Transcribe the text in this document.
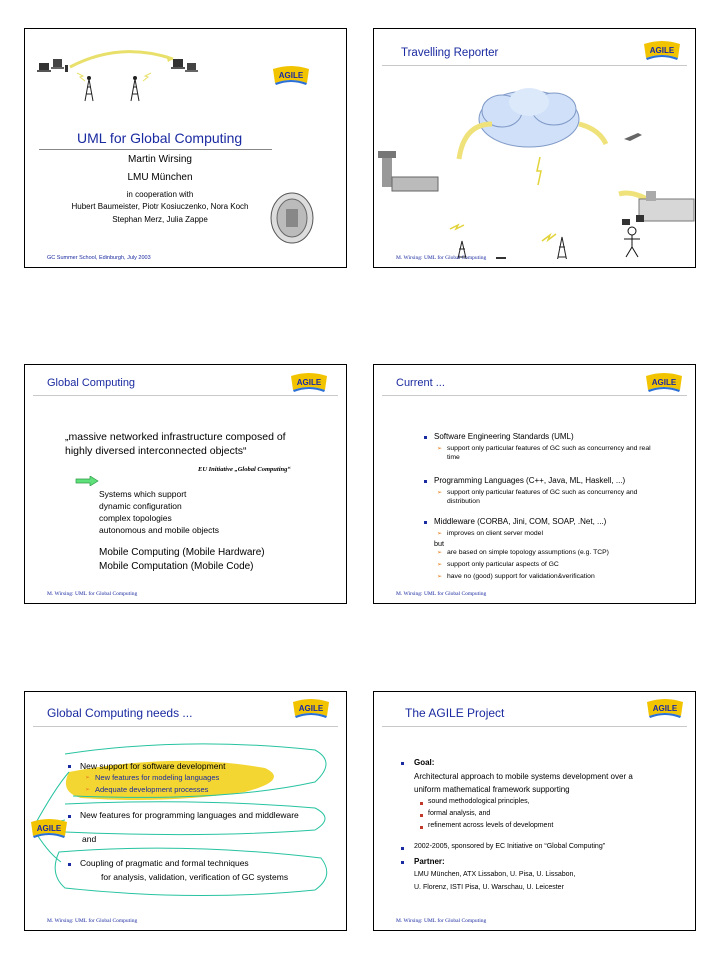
AGILE
UML for Global Computing
Martin Wirsing
LMU München
in cooperation with
Hubert Baumeister, Piotr Kosiuczenko, Nora Koch
Stephan Merz, Julia Zappe
GC Summer School, Edinburgh, July 2003
Travelling Reporter	AGILE
M. Wirsing: UML for Global Computing
Global Computing	AGILE
„massive networked infrastructure composed of
highly diversed interconnected objects“
EU Initiative „Global Computing“
Systems which support
dynamic configuration
complex topologies
autonomous and mobile objects
Mobile Computing (Mobile Hardware)
Mobile Computation (Mobile Code)
M. Wirsing: UML for Global Computing
Current ...	AGILE
Software Engineering Standards (UML)
➢ support only particular features of GC such as concurrency and real
time
Programming Languages (C++, Java, ML, Haskell, ...)
➢ support only particular features of GC such as concurrency and
distribution
Middleware (CORBA, Jini, COM, SOAP, .Net, ...)
➢ improves on client server model
but
➢ are based on simple topology assumptions (e.g. TCP)
➢ support only particular aspects of GC
➢ have no (good) support for validation&verification
M. Wirsing: UML for Global Computing
Global Computing needs ...	AGILE
AGILE
New support for software development
➢ New features for modeling languages
➢ Adequate development processes
New features for programming languages and middleware
and
Coupling of pragmatic and formal techniques
for analysis, validation, verification of GC systems
M. Wirsing: UML for Global Computing
The AGILE Project	AGILE
Goal:
Architectural approach to mobile systems development over a
uniform mathematical framework supporting
sound methodological principles,
formal analysis, and
refinement across levels of development
2002-2005, sponsored by EC Initiative on “Global Computing”
Partner:
LMU München, ATX Lissabon, U. Pisa, U. Lissabon,
U. Florenz, ISTI Pisa, U. Warschau, U. Leicester
M. Wirsing: UML for Global Computing
